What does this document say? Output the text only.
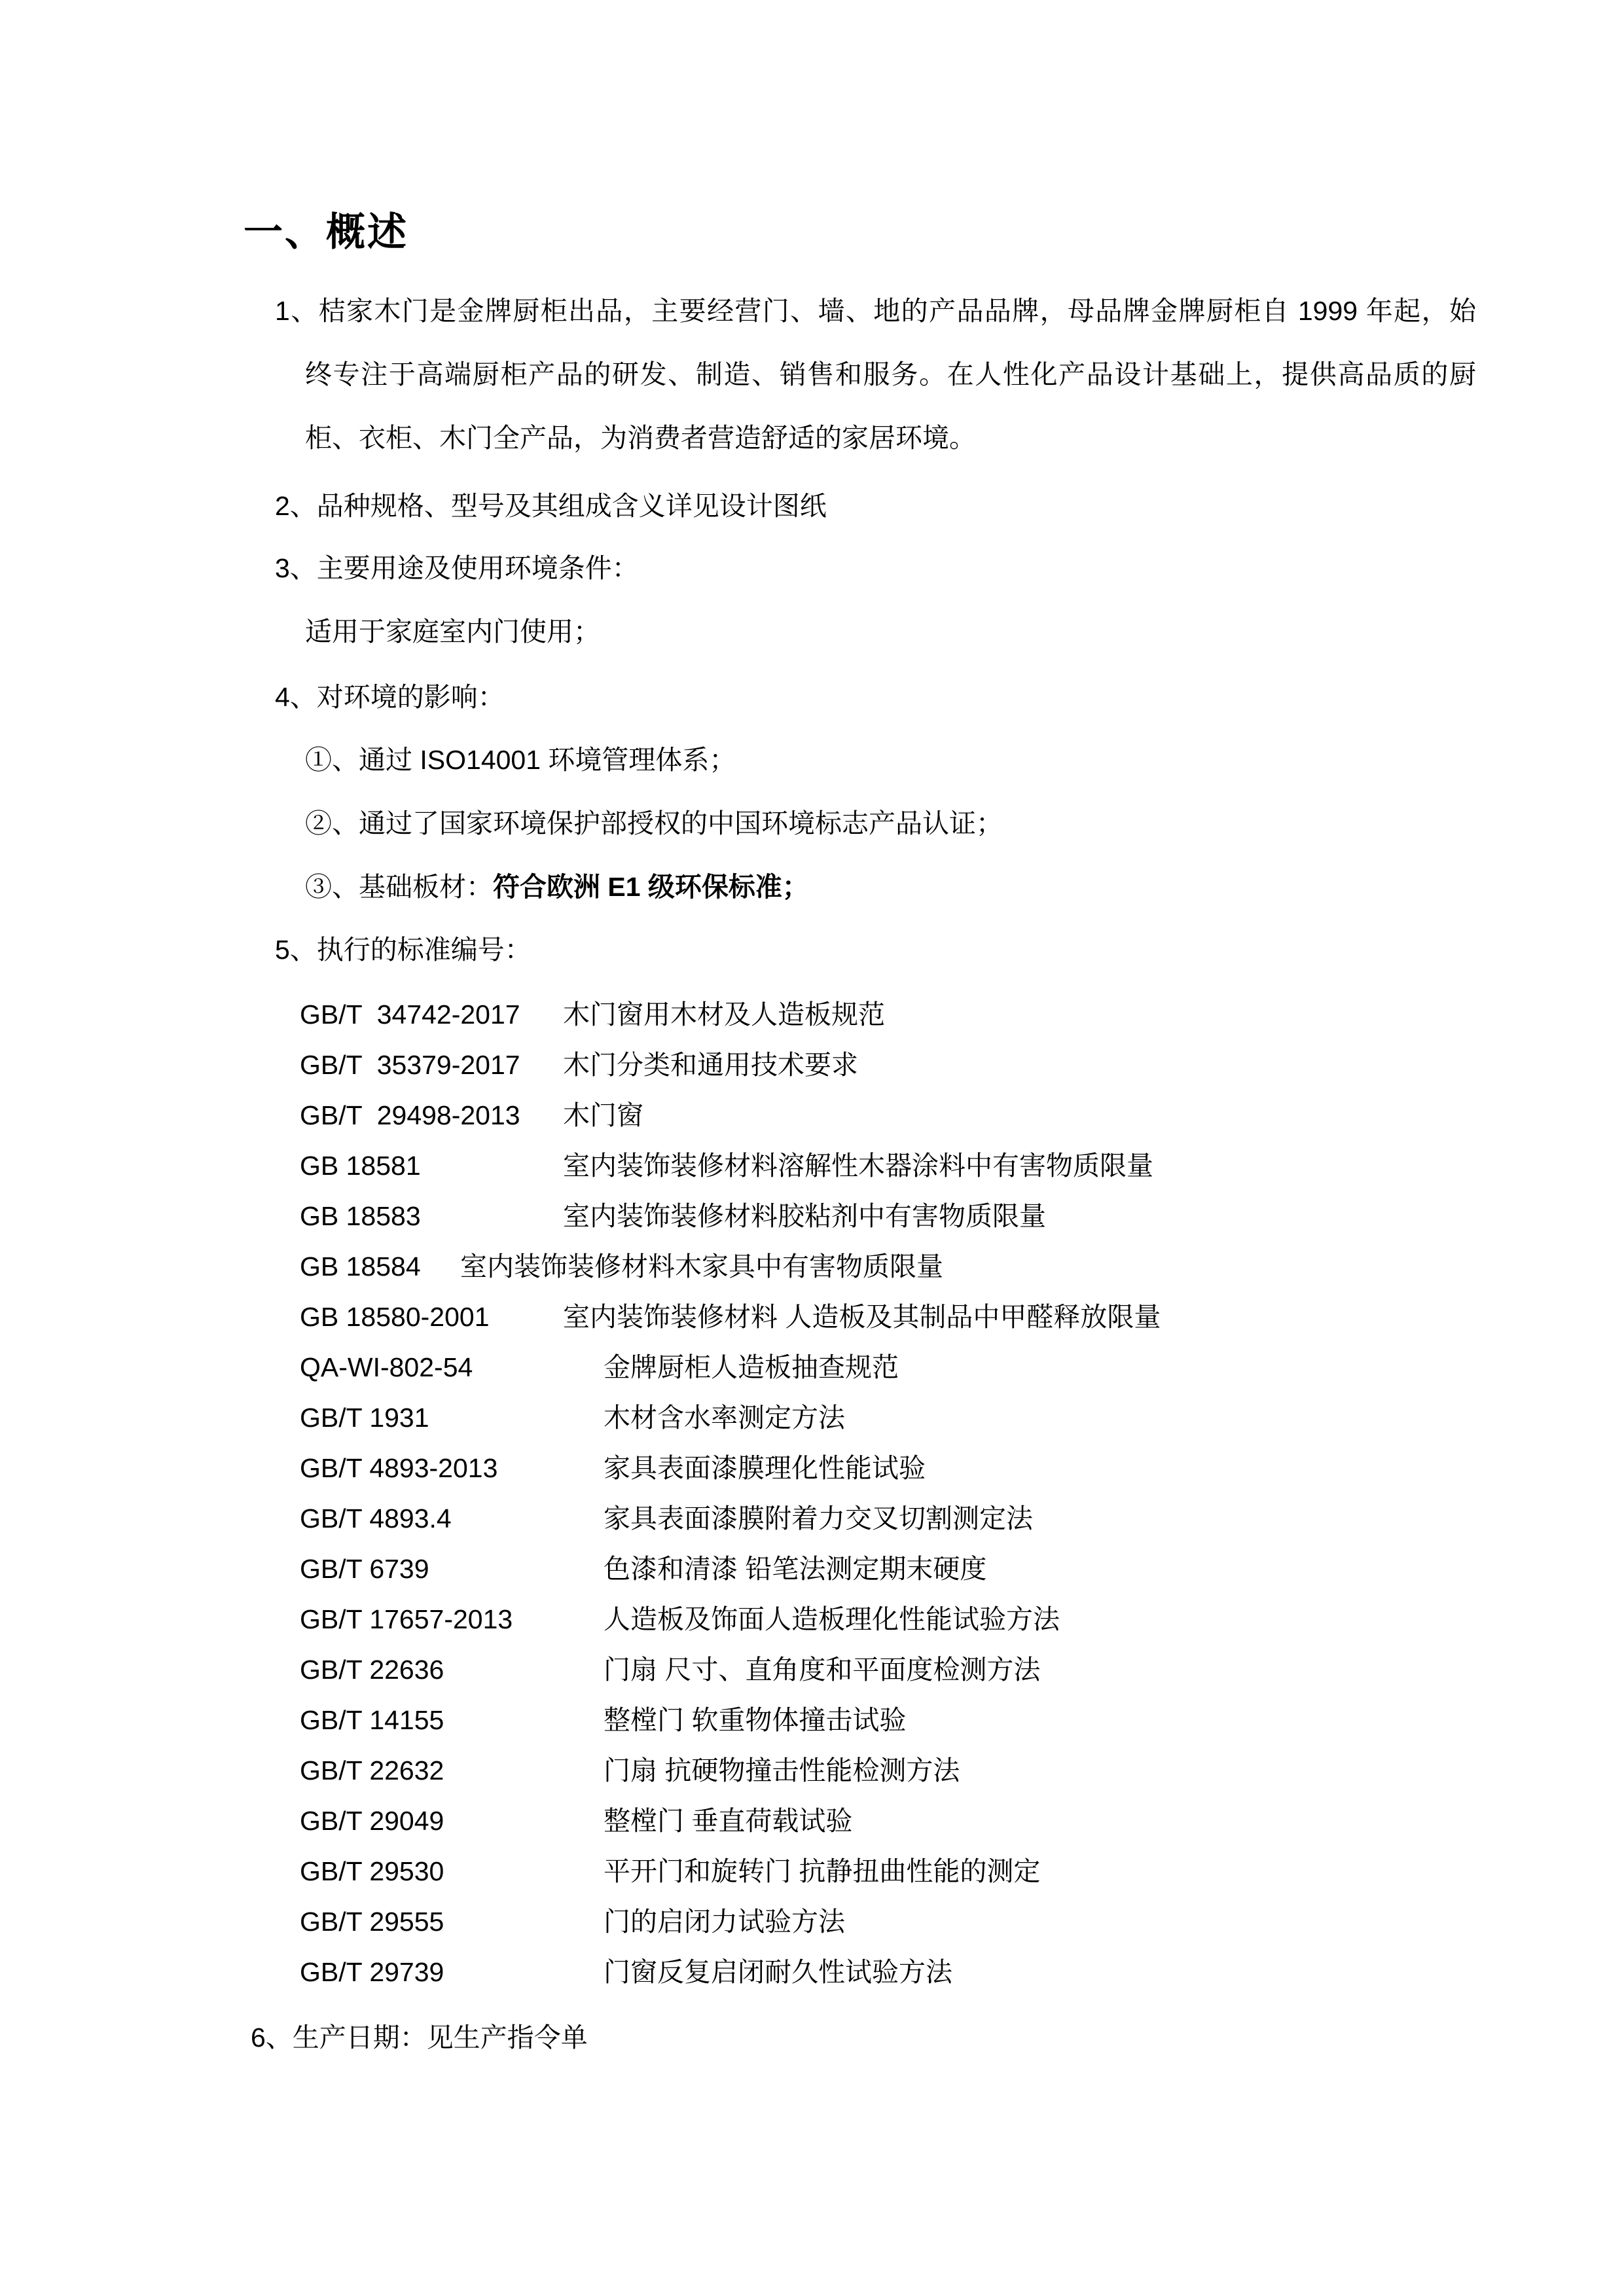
一、概述
1、桔家木门是金牌厨柜出品，主要经营门、墙、地的产品品牌，母品牌金牌厨柜自 1999 年起，始
终专注于高端厨柜产品的研发、制造、销售和服务。在人性化产品设计基础上，提供高品质的厨
柜、衣柜、木门全产品，为消费者营造舒适的家居环境。
2、品种规格、型号及其组成含义详见设计图纸
3、主要用途及使用环境条件：
适用于家庭室内门使用；
4、对环境的影响：
①、通过 ISO14001 环境管理体系；
②、通过了国家环境保护部授权的中国环境标志产品认证；
③、基础板材：符合欧洲 E1 级环保标准；
5、执行的标准编号：
GB/T  34742-2017 木门窗用木材及人造板规范
GB/T  35379-2017 木门分类和通用技术要求
GB/T  29498-2013 木门窗
GB 18581	室内装饰装修材料溶解性木器涂料中有害物质限量
GB 18583	室内装饰装修材料胶粘剂中有害物质限量
GB 18584 室内装饰装修材料木家具中有害物质限量
GB 18580-2001	室内装饰装修材料 人造板及其制品中甲醛释放限量
QA-WI-802-54	金牌厨柜人造板抽查规范
GB/T 1931	木材含水率测定方法
GB/T 4893-2013	家具表面漆膜理化性能试验
GB/T 4893.4	家具表面漆膜附着力交叉切割测定法
GB/T 6739	色漆和清漆 铅笔法测定期末硬度
GB/T 17657-2013	人造板及饰面人造板理化性能试验方法
GB/T 22636	门扇 尺寸、直角度和平面度检测方法
GB/T 14155	整樘门 软重物体撞击试验
GB/T 22632	门扇 抗硬物撞击性能检测方法
GB/T 29049	整樘门 垂直荷载试验
GB/T 29530	平开门和旋转门 抗静扭曲性能的测定
GB/T 29555	门的启闭力试验方法
GB/T 29739	门窗反复启闭耐久性试验方法
6、生产日期：见生产指令单
